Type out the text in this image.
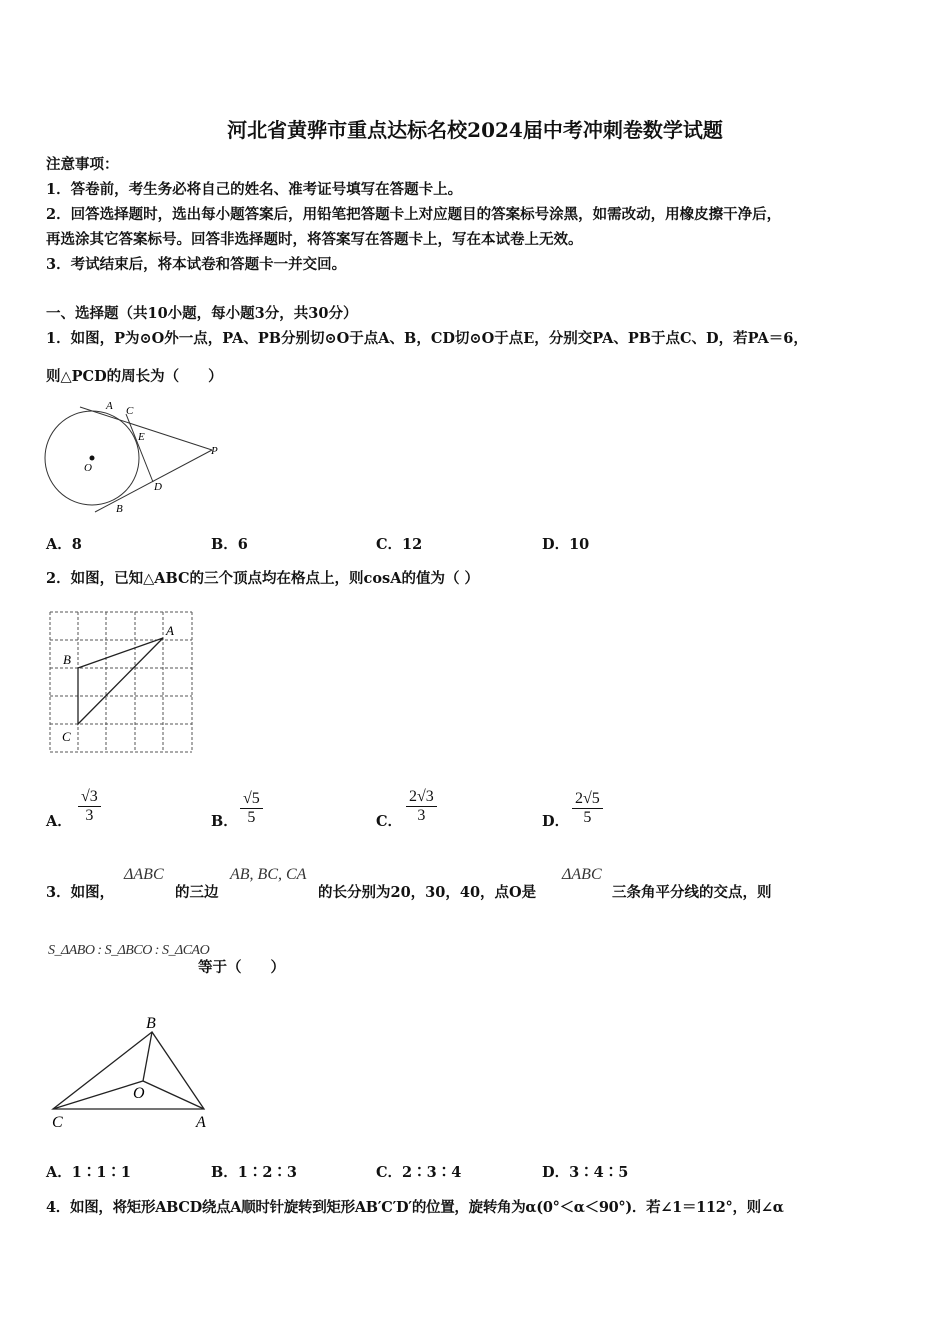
河北省黄骅市重点达标名校2024届中考冲刺卷数学试题
注意事项：
1．答卷前，考生务必将自己的姓名、准考证号填写在答题卡上。
2．回答选择题时，选出每小题答案后，用铅笔把答题卡上对应题目的答案标号涂黑，如需改动，用橡皮擦干净后，
再选涂其它答案标号。回答非选择题时，将答案写在答题卡上，写在本试卷上无效。
3．考试结束后，将本试卷和答题卡一并交回。
一、选择题（共10小题，每小题3分，共30分）
1．如图，P为⊙O外一点，PA、PB分别切⊙O于点A、B，CD切⊙O于点E，分别交PA、PB于点C、D，若PA＝6，
则△PCD的周长为（　　）
A C
E
O
P
D
B
A．8	B．6	C．12	D．10
2．如图，已知△ABC的三个顶点均在格点上，则cosA的值为（ ）
A
B
C
A． $\frac{√3}{3}$	B． $\frac{√5}{5}$	C． $\frac{2√3}{3}$	D． $\frac{2√5}{5}$
3．如图，
ΔABC
的三边
AB, BC, CA
的长分别为20，30，40，点O是
ΔABC
三条角平分线的交点，则
S_ΔABO : S_ΔBCO : S_ΔCAO
等于（　　）
B
O
C	A
A．1∶1∶1	B．1∶2∶3	C．2∶3∶4	D．3∶4∶5
4．如图，将矩形ABCD绕点A顺时针旋转到矩形AB′C′D′的位置，旋转角为α(0°＜α＜90°)．若∠1＝112°，则∠α
